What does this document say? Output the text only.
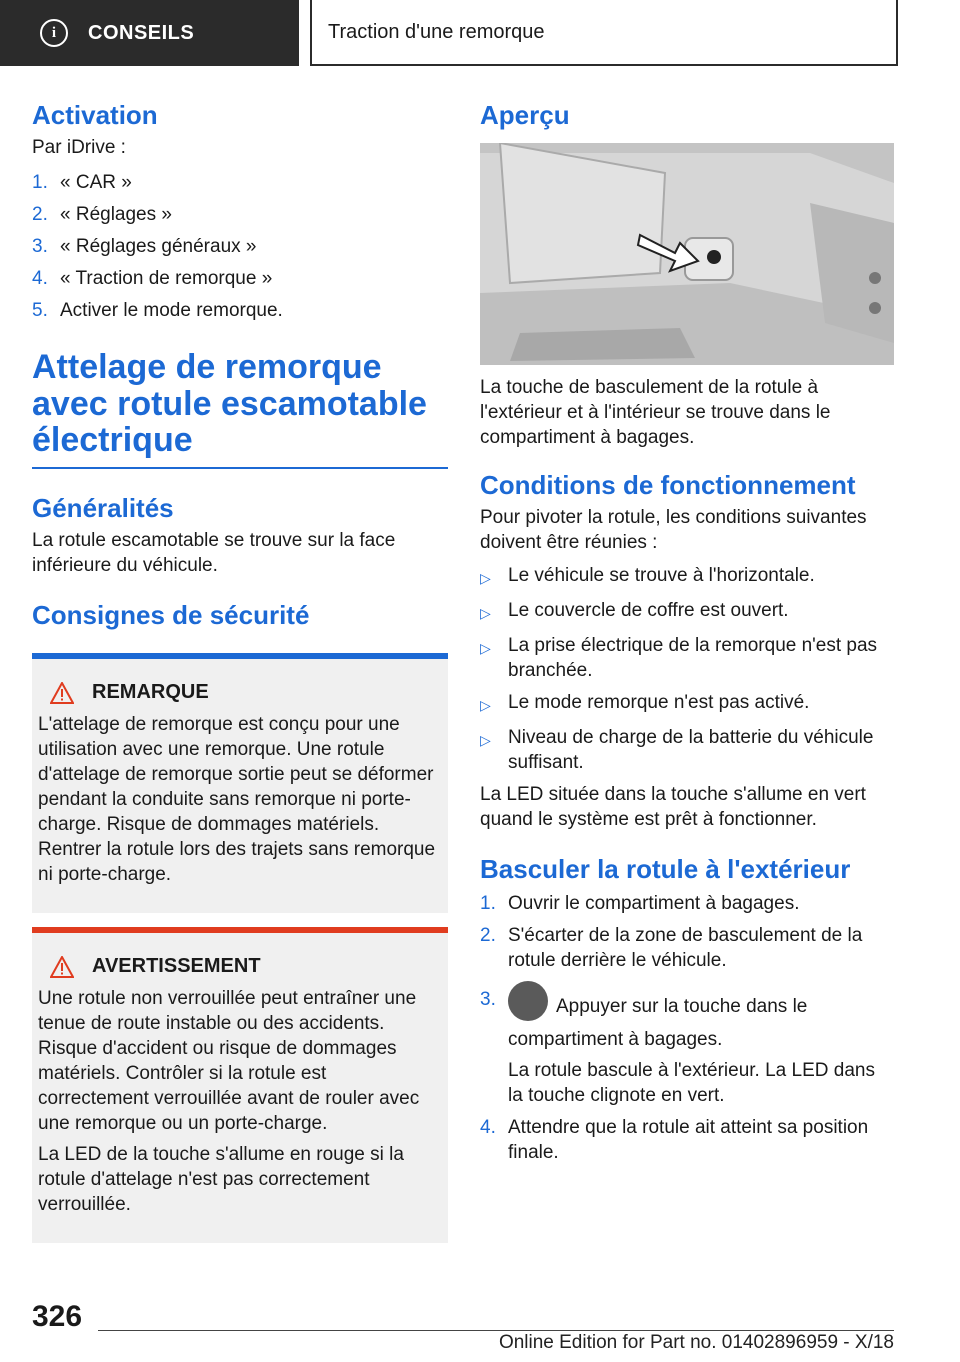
i	CONSEILS	Traction d'une remorque
Activation

Par iDrive :

1. « CAR »
2. « Réglages »
3. « Réglages généraux »
4. « Traction de remorque »
5. Activer le mode remorque.
Attelage de remorque avec rotule escamotable électrique
Généralités

La rotule escamotable se trouve sur la face inférieure du véhicule.

Consignes de sécurité
REMARQUE

L'attelage de remorque est conçu pour une utilisation avec une remorque. Une rotule d'attelage de remorque sortie peut se déformer pendant la conduite sans remorque ni porte-charge. Risque de dommages matériels. Rentrer la rotule lors des trajets sans remorque ni porte-charge.

AVERTISSEMENT

Une rotule non verrouillée peut entraîner une tenue de route instable ou des accidents. Risque d'accident ou risque de dommages matériels. Contrôler si la rotule est correctement verrouillée avant de rouler avec une remorque ou un porte-charge.

La LED de la touche s'allume en rouge si la rotule d'attelage n'est pas correctement verrouillée.

Aperçu

La touche de basculement de la rotule à l'extérieur et à l'intérieur se trouve dans le compartiment à bagages.

Conditions de fonctionnement

Pour pivoter la rotule, les conditions suivantes doivent être réunies :

▷ Le véhicule se trouve à l'horizontale.
▷ Le couvercle de coffre est ouvert.
▷ La prise électrique de la remorque n'est pas branchée.
▷ Le mode remorque n'est pas activé.
▷ Niveau de charge de la batterie du véhicule suffisant.

La LED située dans la touche s'allume en vert quand le système est prêt à fonctionner.

Basculer la rotule à l'extérieur
1. Ouvrir le compartiment à bagages.
2. S'écarter de la zone de basculement de la rotule derrière le véhicule.
3.	Appuyer sur la touche dans le compartiment à bagages.
La rotule bascule à l'extérieur. La LED dans la touche clignote en vert.
4. Attendre que la rotule ait atteint sa position finale.
326
Online Edition for Part no. 01402896959 - X/18
